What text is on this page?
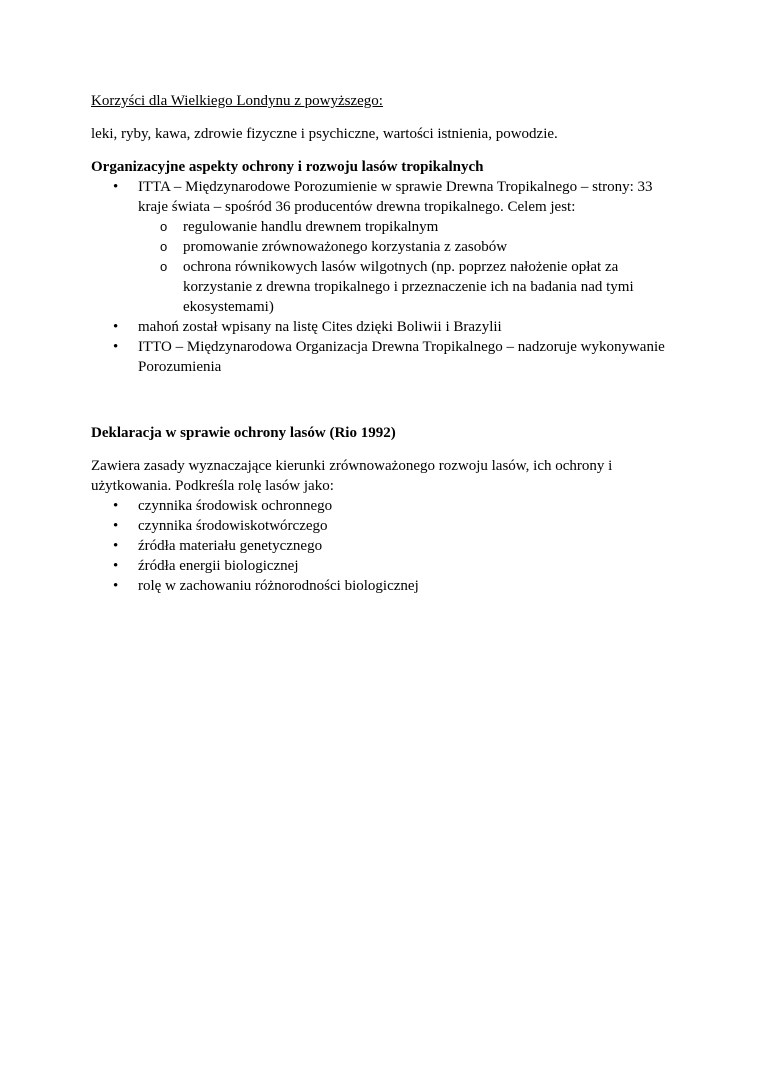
Korzyści dla Wielkiego Londynu z powyższego:

leki, ryby, kawa, zdrowie fizyczne i psychiczne, wartości istnienia, powodzie.

Organizacyjne aspekty ochrony i rozwoju lasów tropikalnych

• ITTA – Międzynarodowe Porozumienie w sprawie Drewna Tropikalnego – strony: 33 kraje świata – spośród 36 producentów drewna tropikalnego. Celem jest:
o regulowanie handlu drewnem tropikalnym
o promowanie zrównoważonego korzystania z zasobów
o ochrona równikowych lasów wilgotnych (np. poprzez nałożenie opłat za korzystanie z drewna tropikalnego i przeznaczenie ich na badania nad tymi ekosystemami)
• mahoń został wpisany na listę Cites dzięki Boliwii i Brazylii
• ITTO – Międzynarodowa Organizacja Drewna Tropikalnego – nadzoruje wykonywanie Porozumienia

Deklaracja w sprawie ochrony lasów (Rio 1992)

Zawiera zasady wyznaczające kierunki zrównoważonego rozwoju lasów, ich ochrony i użytkowania. Podkreśla rolę lasów jako:

• czynnika środowisk ochronnego
• czynnika środowiskotwórczego
• źródła materiału genetycznego
• źródła energii biologicznej
• rolę w zachowaniu różnorodności biologicznej
